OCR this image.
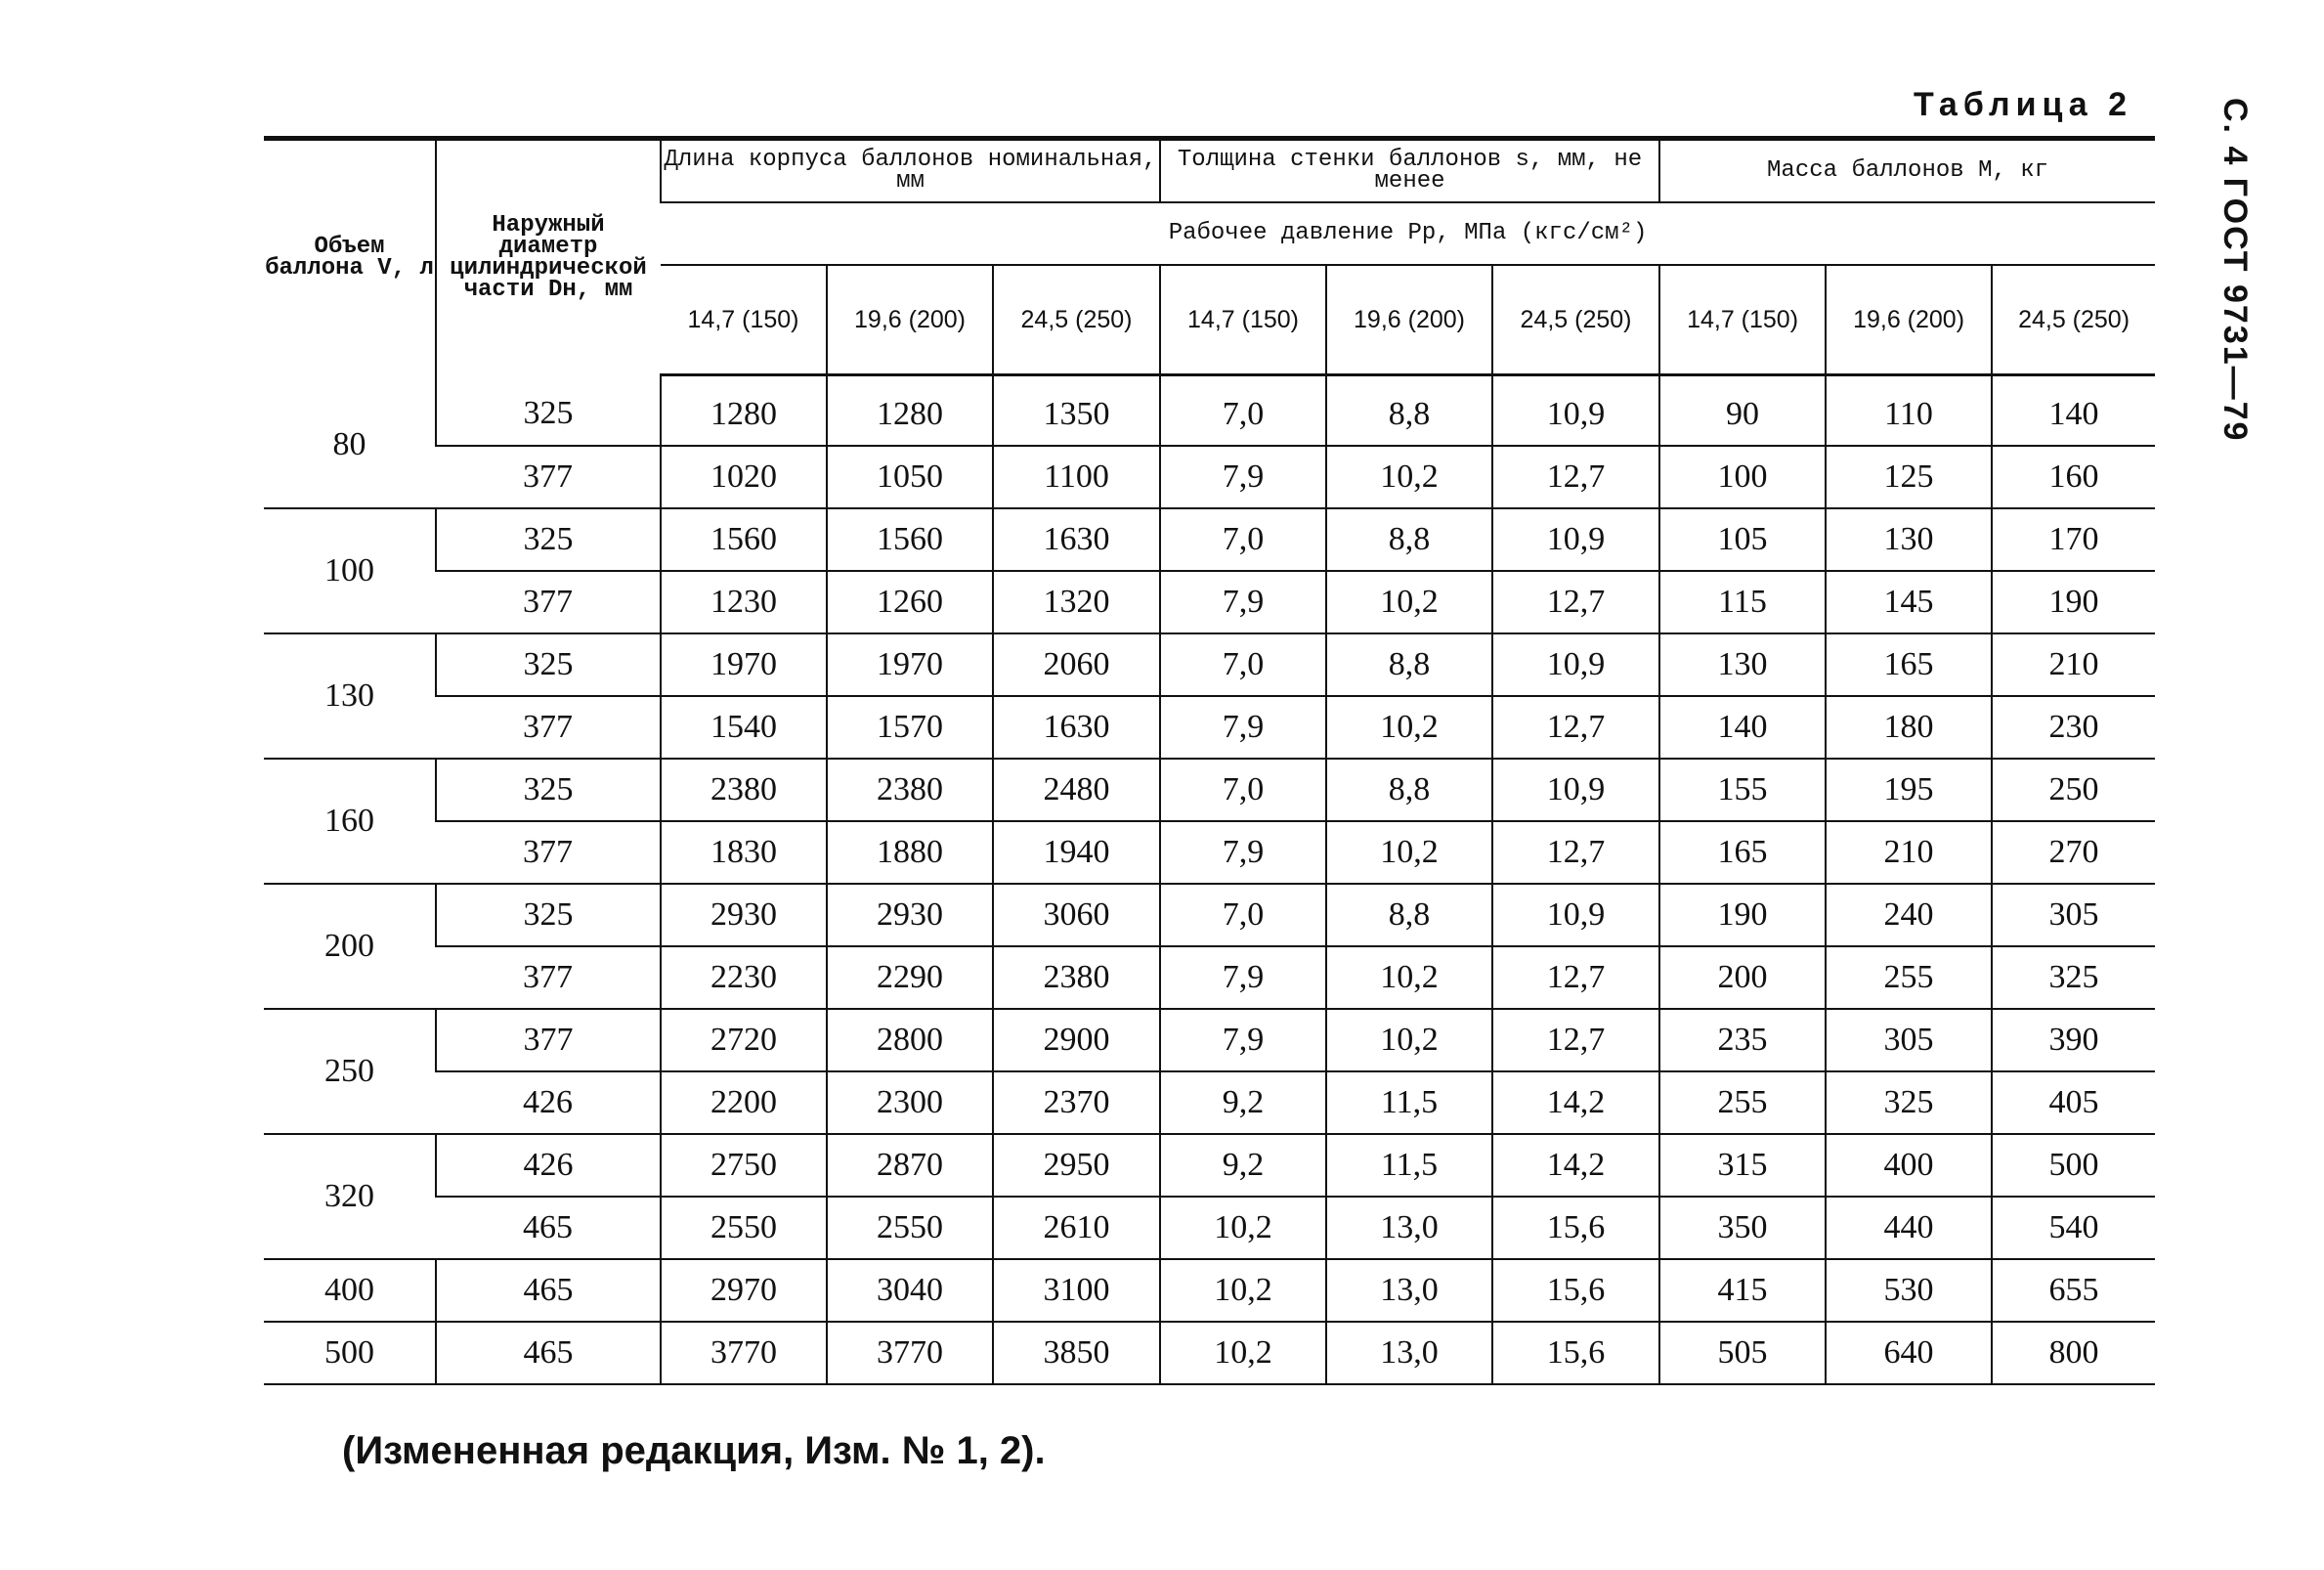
Таблица 2	С. 4 ГОСТ 9731—79
Объем баллона V, л	Наружный диаметр цилиндрической части Dн, мм	Длина корпуса баллонов номинальная, мм			Толщина стенки баллонов s, мм, не менее			Масса баллонов M, кг		
		Рабочее давление Pр, МПа (кгс/см²)								
		14,7 (150)	19,6 (200)	24,5 (250)	14,7 (150)	19,6 (200)	24,5 (250)	14,7 (150)	19,6 (200)	24,5 (250)
80	325	1280	1280	1350	7,0	8,8	10,9	90	110	140
	377	1020	1050	1100	7,9	10,2	12,7	100	125	160
100	325	1560	1560	1630	7,0	8,8	10,9	105	130	170
	377	1230	1260	1320	7,9	10,2	12,7	115	145	190
130	325	1970	1970	2060	7,0	8,8	10,9	130	165	210
	377	1540	1570	1630	7,9	10,2	12,7	140	180	230
160	325	2380	2380	2480	7,0	8,8	10,9	155	195	250
	377	1830	1880	1940	7,9	10,2	12,7	165	210	270
200	325	2930	2930	3060	7,0	8,8	10,9	190	240	305
	377	2230	2290	2380	7,9	10,2	12,7	200	255	325
250	377	2720	2800	2900	7,9	10,2	12,7	235	305	390
	426	2200	2300	2370	9,2	11,5	14,2	255	325	405
320	426	2750	2870	2950	9,2	11,5	14,2	315	400	500
	465	2550	2550	2610	10,2	13,0	15,6	350	440	540
400	465	2970	3040	3100	10,2	13,0	15,6	415	530	655
500	465	3770	3770	3850	10,2	13,0	15,6	505	640	800
(Измененная редакция, Изм. № 1, 2).
